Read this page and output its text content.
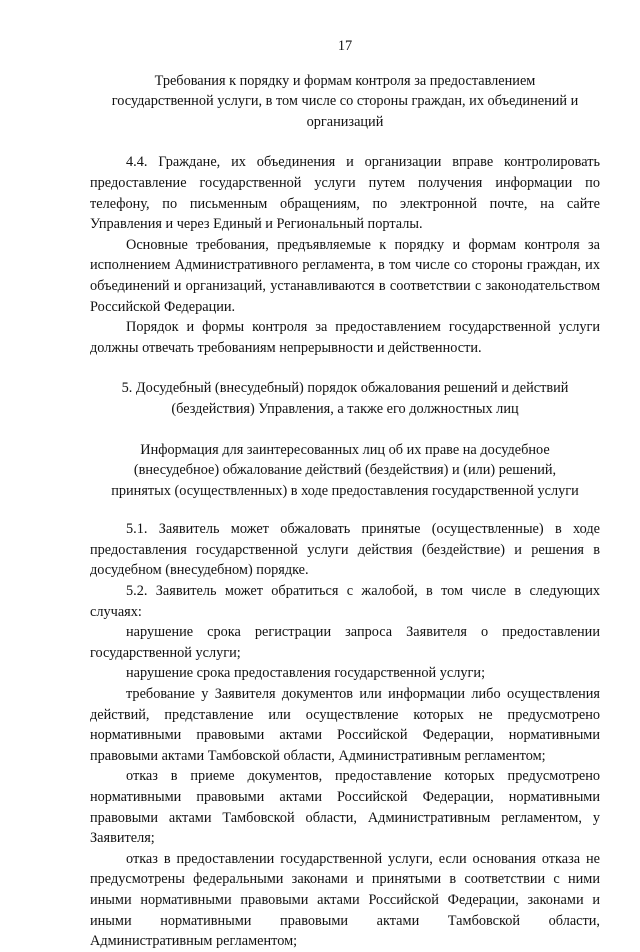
17
Требования к порядку и формам контроля за предоставлением
государственной услуги, в том числе со стороны граждан, их объединений и
организаций

4.4. Граждане, их объединения и организации вправе контролировать предоставление государственной услуги путем получения информации по телефону, по письменным обращениям, по электронной почте, на сайте Управления и через Единый и Региональный порталы.

Основные требования, предъявляемые к порядку и формам контроля за исполнением Административного регламента, в том числе со стороны граждан, их объединений и организаций, устанавливаются в соответствии с законодательством Российской Федерации.

Порядок и формы контроля за предоставлением государственной услуги должны отвечать требованиям непрерывности и действенности.

5. Досудебный (внесудебный) порядок обжалования решений и действий
(бездействия) Управления, а также его должностных лиц
Информация для заинтересованных лиц об их праве на досудебное
(внесудебное) обжалование действий (бездействия) и (или) решений,
принятых (осуществленных) в ходе предоставления государственной услуги

5.1. Заявитель может обжаловать принятые (осуществленные) в ходе предоставления государственной услуги действия (бездействие) и решения в досудебном (внесудебном) порядке.

5.2. Заявитель может обратиться с жалобой, в том числе в следующих случаях:

нарушение срока регистрации запроса Заявителя о предоставлении государственной услуги;

нарушение срока предоставления государственной услуги;

требование у Заявителя документов или информации либо осуществления действий, представление или осуществление которых не предусмотрено нормативными правовыми актами Российской Федерации, нормативными правовыми актами Тамбовской области, Административным регламентом;

отказ в приеме документов, предоставление которых предусмотрено нормативными правовыми актами Российской Федерации, нормативными правовыми актами Тамбовской области, Административным регламентом, у Заявителя;

отказ в предоставлении государственной услуги, если основания отказа не предусмотрены федеральными законами и принятыми в соответствии с ними иными нормативными правовыми актами Российской Федерации, законами и иными нормативными правовыми актами Тамбовской области, Административным регламентом;
